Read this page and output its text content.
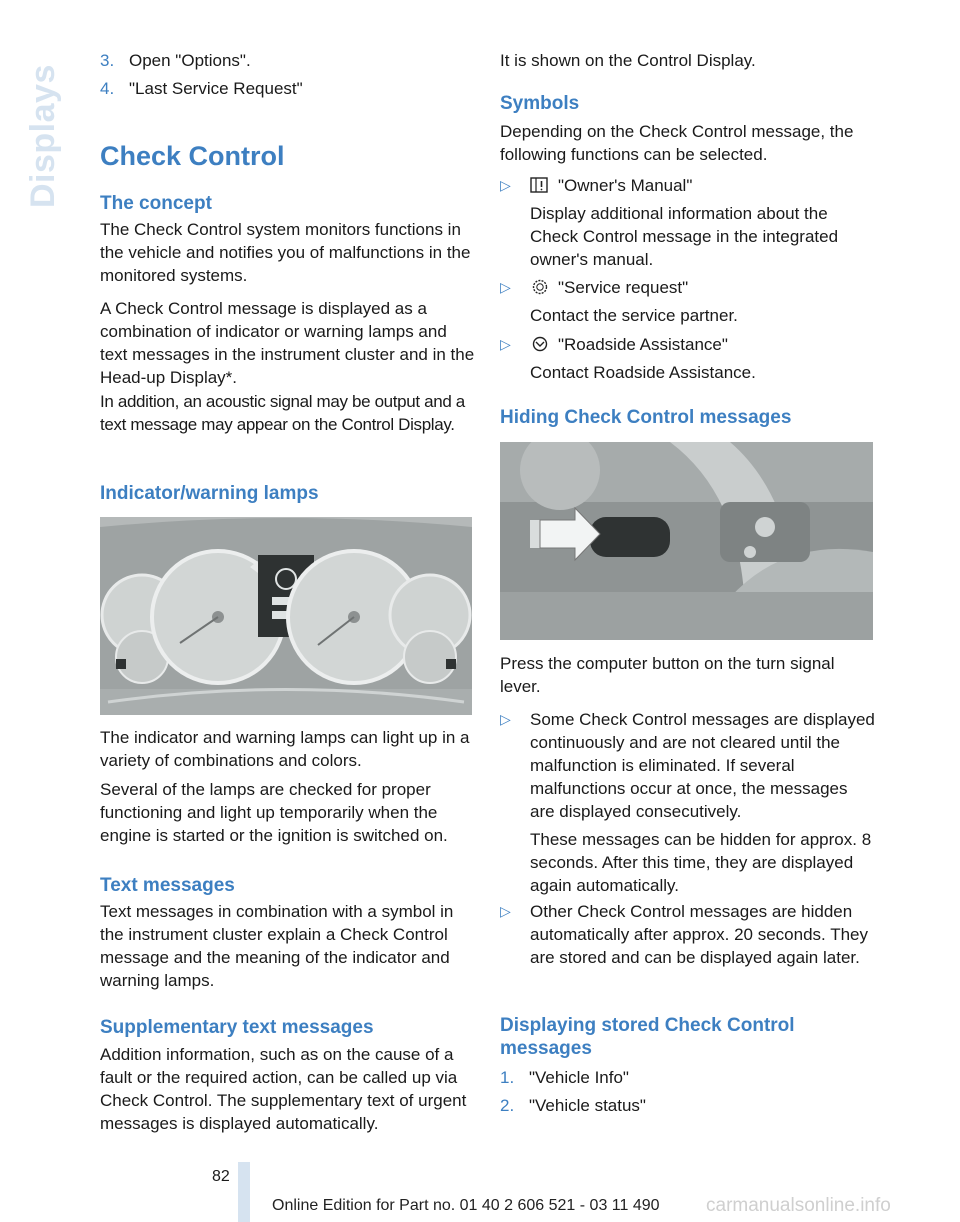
Displays
3. Open "Options".
4. "Last Service Request"
Check Control
The concept

The Check Control system monitors functions in the vehicle and notifies you of malfunctions in the monitored systems.

A Check Control message is displayed as a combination of indicator or warning lamps and text messages in the instrument cluster and in the Head-up Display*.

In addition, an acoustic signal may be output and a text message may appear on the Control Display.

Indicator/warning lamps

The indicator and warning lamps can light up in a variety of combinations and colors.

Several of the lamps are checked for proper functioning and light up temporarily when the engine is started or the ignition is switched on.

Text messages

Text messages in combination with a symbol in the instrument cluster explain a Check Control message and the meaning of the indicator and warning lamps.

Supplementary text messages

Addition information, such as on the cause of a fault or the required action, can be called up via Check Control. The supplementary text of urgent messages is displayed automatically.

It is shown on the Control Display.

Symbols

Depending on the Check Control message, the following functions can be selected.

▷	"Owner's Manual"
Display additional information about the Check Control message in the integrated owner's manual.
▷	"Service request"
Contact the service partner.
▷	"Roadside Assistance"
Contact Roadside Assistance.
Hiding Check Control messages

Press the computer button on the turn signal lever.

▷ Some Check Control messages are displayed continuously and are not cleared until the malfunction is eliminated. If several malfunctions occur at once, the messages are displayed consecutively.
These messages can be hidden for approx. 8 seconds. After this time, they are displayed again automatically.
▷ Other Check Control messages are hidden automatically after approx. 20 seconds. They are stored and can be displayed again later.
Displaying stored Check Control messages
1. "Vehicle Info"
2. "Vehicle status"
82
Online Edition for Part no. 01 40 2 606 521 - 03 11 490 carmanualsonline.info
